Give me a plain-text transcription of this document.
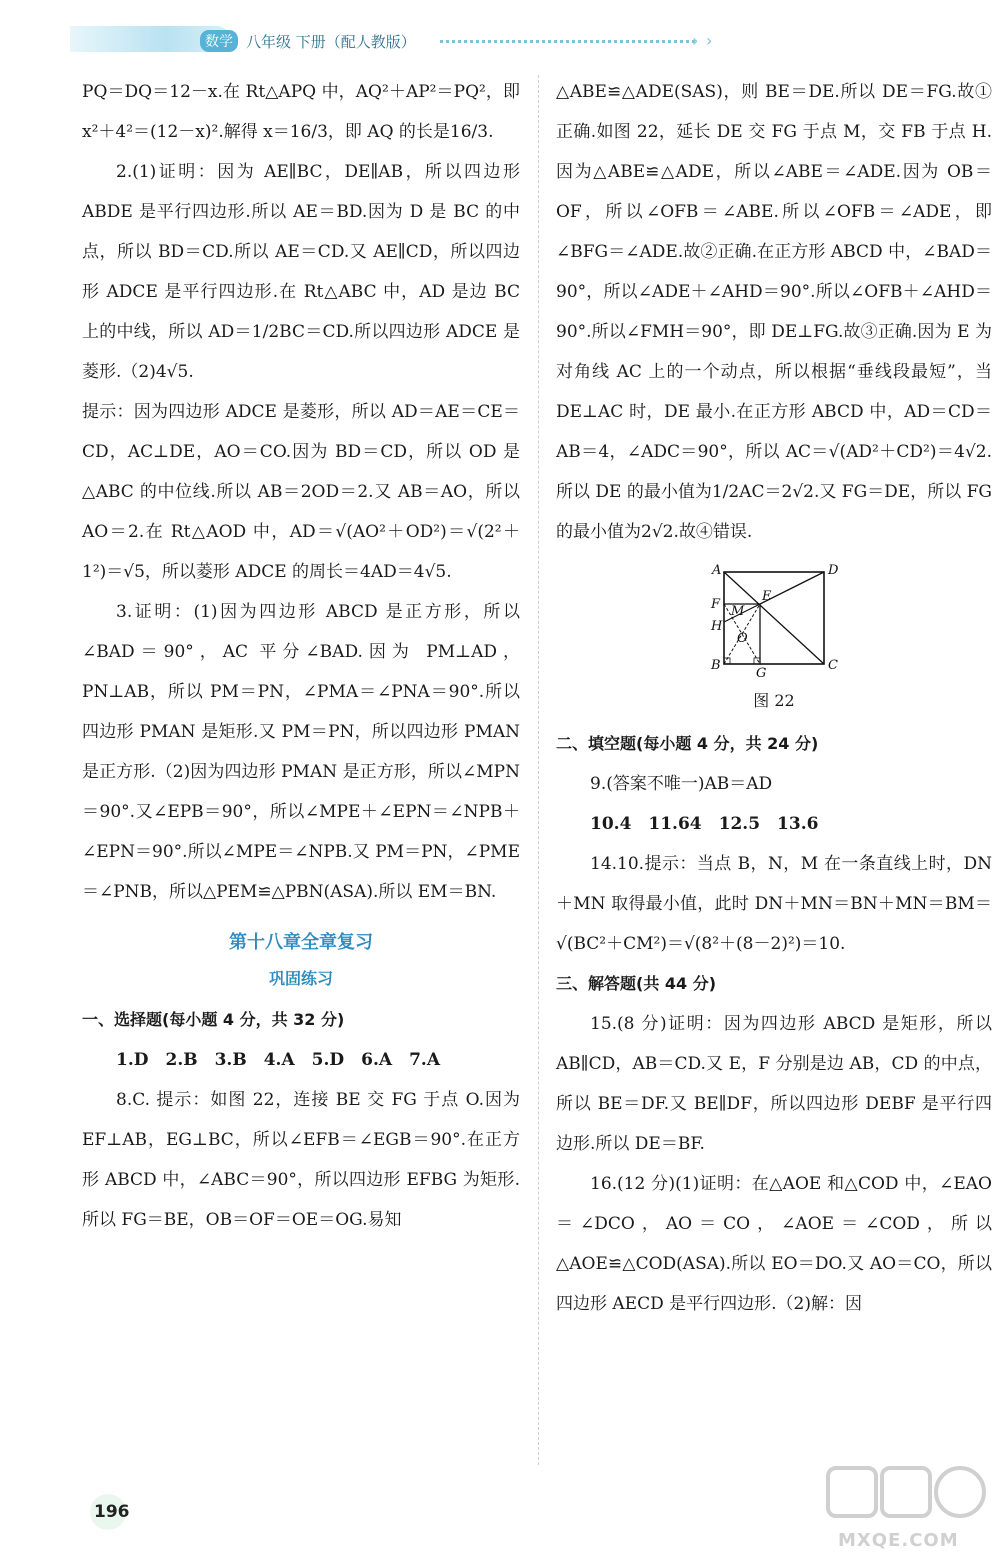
数学 八年级 下册（配人教版）	› ›

PQ＝DQ＝12－x.在 Rt△APQ 中，AQ²＋AP²＝PQ²，即 x²＋4²＝(12－x)².解得 x＝16/3，即 AQ 的长是16/3.

2.(1)证明：因为 AE∥BC，DE∥AB，所以四边形 ABDE 是平行四边形.所以 AE＝BD.因为 D 是 BC 的中点，所以 BD＝CD.所以 AE＝CD.又 AE∥CD，所以四边形 ADCE 是平行四边形.在 Rt△ABC 中，AD 是边 BC 上的中线，所以 AD＝1/2BC＝CD.所以四边形 ADCE 是菱形.（2)4√5.

提示：因为四边形 ADCE 是菱形，所以 AD＝AE＝CE＝CD，AC⊥DE，AO＝CO.因为 BD＝CD，所以 OD 是△ABC 的中位线.所以 AB＝2OD＝2.又 AB＝AO，所以 AO＝2.在 Rt△AOD 中，AD＝√(AO²＋OD²)＝√(2²＋1²)＝√5，所以菱形 ADCE 的周长＝4AD＝4√5.

3.证明：(1)因为四边形 ABCD 是正方形，所以∠BAD＝90°，AC 平分∠BAD.因为 PM⊥AD，PN⊥AB，所以 PM＝PN，∠PMA＝∠PNA＝90°.所以四边形 PMAN 是矩形.又 PM＝PN，所以四边形 PMAN 是正方形.（2)因为四边形 PMAN 是正方形，所以∠MPN＝90°.又∠EPB＝90°，所以∠MPE＋∠EPN＝∠NPB＋∠EPN＝90°.所以∠MPE＝∠NPB.又 PM＝PN，∠PME＝∠PNB，所以△PEM≌△PBN(ASA).所以 EM＝BN.

第十八章全章复习
巩固练习

一、选择题(每小题 4 分，共 32 分)

1.D　2.B　3.B　4.A　5.D　6.A　7.A

8.C. 提示：如图 22，连接 BE 交 FG 于点 O.因为 EF⊥AB，EG⊥BC，所以∠EFB＝∠EGB＝90°.在正方形 ABCD 中，∠ABC＝90°，所以四边形 EFBG 为矩形.所以 FG＝BE，OB＝OF＝OE＝OG.易知

△ABE≌△ADE(SAS)，则 BE＝DE.所以 DE＝FG.故①正确.如图 22，延长 DE 交 FG 于点 M，交 FB 于点 H.因为△ABE≌△ADE，所以∠ABE＝∠ADE.因为 OB＝OF，所以∠OFB＝∠ABE.所以∠OFB＝∠ADE，即∠BFG＝∠ADE.故②正确.在正方形 ABCD 中，∠BAD＝90°，所以∠ADE＋∠AHD＝90°.所以∠OFB＋∠AHD＝90°.所以∠FMH＝90°，即 DE⊥FG.故③正确.因为 E 为对角线 AC 上的一个动点，所以根据“垂线段最短”，当 DE⊥AC 时，DE 最小.在正方形 ABCD 中，AD＝CD＝AB＝4，∠ADC＝90°，所以 AC＝√(AD²＋CD²)＝4√2.所以 DE 的最小值为1/2AC＝2√2.又 FG＝DE，所以 FG 的最小值为2√2.故④错误.

A	D
E
F M
H
O
B
G
C
图 22

二、填空题(每小题 4 分，共 24 分)

9.(答案不唯一)AB＝AD

10.4　11.64　12.5　13.6

14.10.提示：当点 B，N，M 在一条直线上时，DN＋MN 取得最小值，此时 DN＋MN＝BN＋MN＝BM＝√(BC²＋CM²)＝√(8²＋(8－2)²)＝10.

三、解答题(共 44 分)

15.(8 分)证明：因为四边形 ABCD 是矩形，所以 AB∥CD，AB＝CD.又 E，F 分别是边 AB，CD 的中点，所以 BE＝DF.又 BE∥DF，所以四边形 DEBF 是平行四边形.所以 DE＝BF.

16.(12 分)(1)证明：在△AOE 和△COD 中，∠EAO＝∠DCO，AO＝CO，∠AOE＝∠COD，所以△AOE≌△COD(ASA).所以 EO＝DO.又 AO＝CO，所以四边形 AECD 是平行四边形.（2)解：因

196
MXQE.COM
